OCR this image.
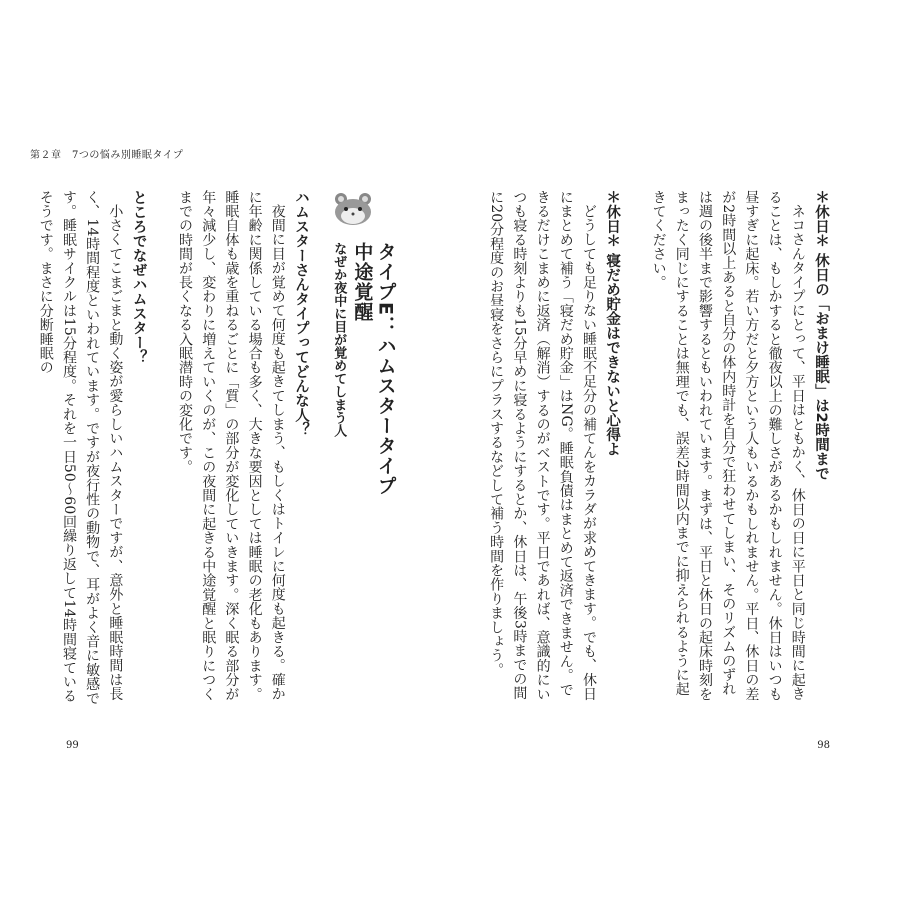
第２章　7つの悩み別睡眠タイプ
＊休日＊ 休日の「おまけ睡眠」は2時間まで

ネコさんタイプにとって、平日はともかく、休日の日に平日と同じ時間に起きることは、もしかすると徹夜以上の難しさがあるかもしれません。休日はいつも昼すぎに起床。若い方だと夕方という人もいるかもしれません。平日、休日の差が2時間以上あると自分の体内時計を自分で狂わせてしまい、そのリズムのずれは週の後半まで影響するともいわれています。まずは、平日と休日の起床時刻をまったく同じにすることは無理でも、誤差2時間以内までに抑えられるように起きてください。

＊休日＊ 寝だめ貯金はできないと心得よ

どうしても足りない睡眠不足分の補てんをカラダが求めてきます。でも、休日にまとめて補う「寝だめ貯金」はNG。睡眠負債はまとめて返済できません。できるだけこまめに返済（解消）するのがベストです。平日であれば、意識的にいつも寝る時刻よりも15分早めに寝るようにするとか、休日は、午後3時までの間に20分程度のお昼寝をさらにプラスするなどして補う時間を作りましょう。
98
タイプE：ハムスタータイプ　中途覚醒
なぜか夜中に目が覚めてしまう人
ハムスターさんタイプってどんな人？

夜間に目が覚めて何度も起きてしまう、もしくはトイレに何度も起きる。確かに年齢に関係している場合も多く、大きな要因としては睡眠の老化もあります。睡眠自体も歳を重ねるごとに「質」の部分が変化していきます。深く眠る部分が年々減少し、変わりに増えていくのが、この夜間に起きる中途覚醒と眠りにつくまでの時間が長くなる入眠潜時の変化です。

ところでなぜハムスター？

小さくてこまごまと動く姿が愛らしいハムスターですが、意外と睡眠時間は長く、14時間程度といわれています。ですが夜行性の動物で、耳がよく音に敏感です。睡眠サイクルは15分程度。それを一日50～60回繰り返して14時間寝ているそうです。まさに分断睡眠の
99
